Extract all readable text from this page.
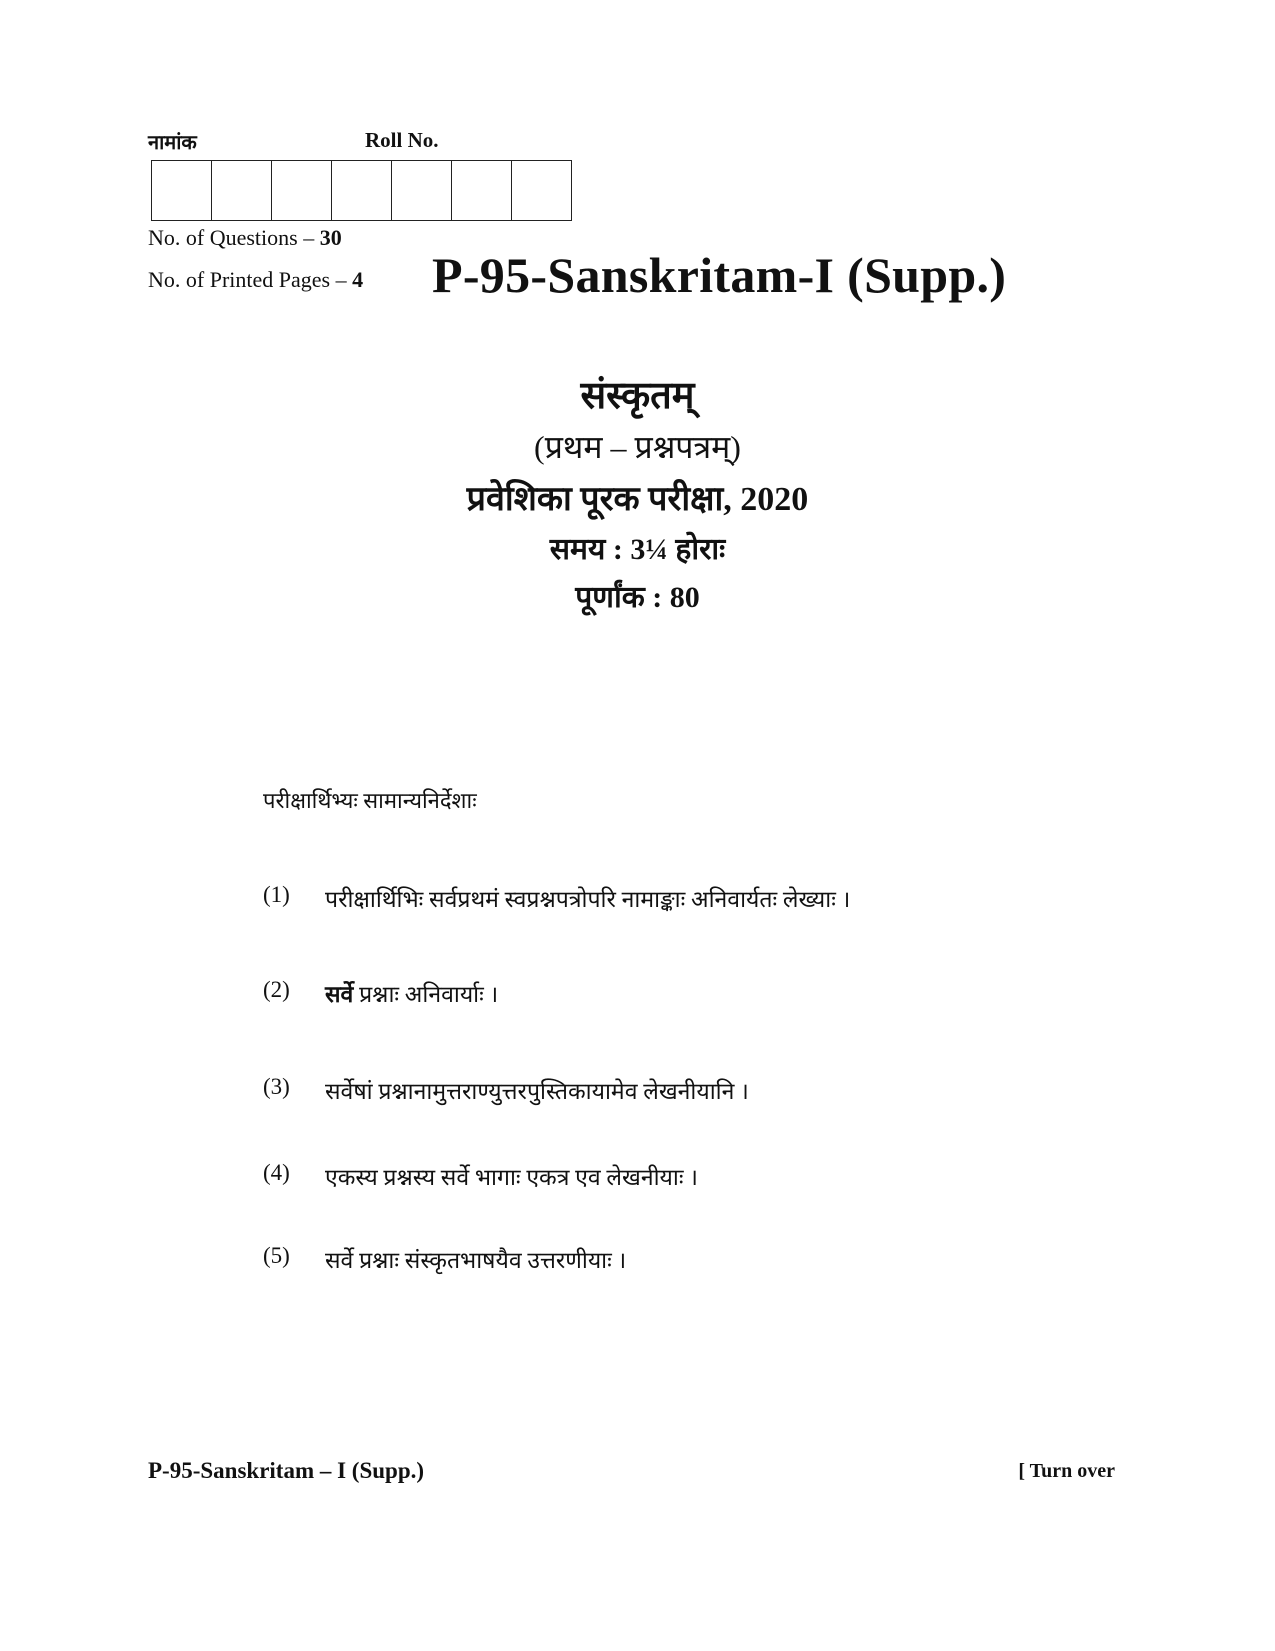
नामांक	Roll No.
No. of Questions – 30
No. of Printed Pages – 4 P-95-Sanskritam-I (Supp.)
संस्कृतम्
(प्रथम – प्रश्नपत्रम्)
प्रवेशिका पूरक परीक्षा, 2020
समय : 3¼ होराः
पूर्णांक : 80
परीक्षार्थिभ्यः सामान्यनिर्देशाः
(1)	परीक्षार्थिभिः सर्वप्रथमं स्वप्रश्नपत्रोपरि नामाङ्काः अनिवार्यतः लेख्याः ।
(2)	सर्वे प्रश्नाः अनिवार्याः ।
(3)	सर्वेषां प्रश्नानामुत्तराण्युत्तरपुस्तिकायामेव लेखनीयानि ।
(4)	एकस्य प्रश्नस्य सर्वे भागाः एकत्र एव लेखनीयाः ।
(5)	सर्वे प्रश्नाः संस्कृतभाषयैव उत्तरणीयाः ।
P-95-Sanskritam – I (Supp.)	[ Turn over
